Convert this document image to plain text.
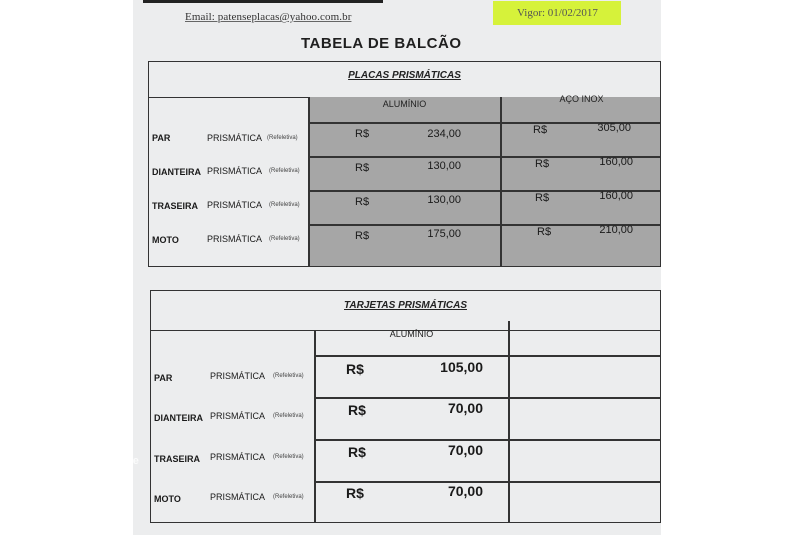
Email: patenseplacas@yahoo.com.br	Vigor: 01/02/2017
TABELA DE BALCÃO
PLACAS PRISMÁTICAS
ALUMÍNIO	AÇO INOX
PAR	PRISMÁTICA (Refeletiva)	R$	234,00	R$	305,00
DIANTEIRA PRISMÁTICA (Refeletiva)	R$	130,00	R$	160,00
TRASEIRA PRISMÁTICA (Refeletiva)	R$	130,00	R$	160,00
MOTO	PRISMÁTICA (Refeletiva)	R$	175,00	R$	210,00
TARJETAS PRISMÁTICAS
ALUMÍNIO
PAR	PRISMÁTICA (Refeletiva)	R$	105,00
DIANTEIRA PRISMÁTICA (Refeletiva)	R$	70,00
TRASEIRA PRISMÁTICA (Refeletiva)	R$	70,00
MOTO	PRISMÁTICA (Refeletiva)	R$	70,00
oje
